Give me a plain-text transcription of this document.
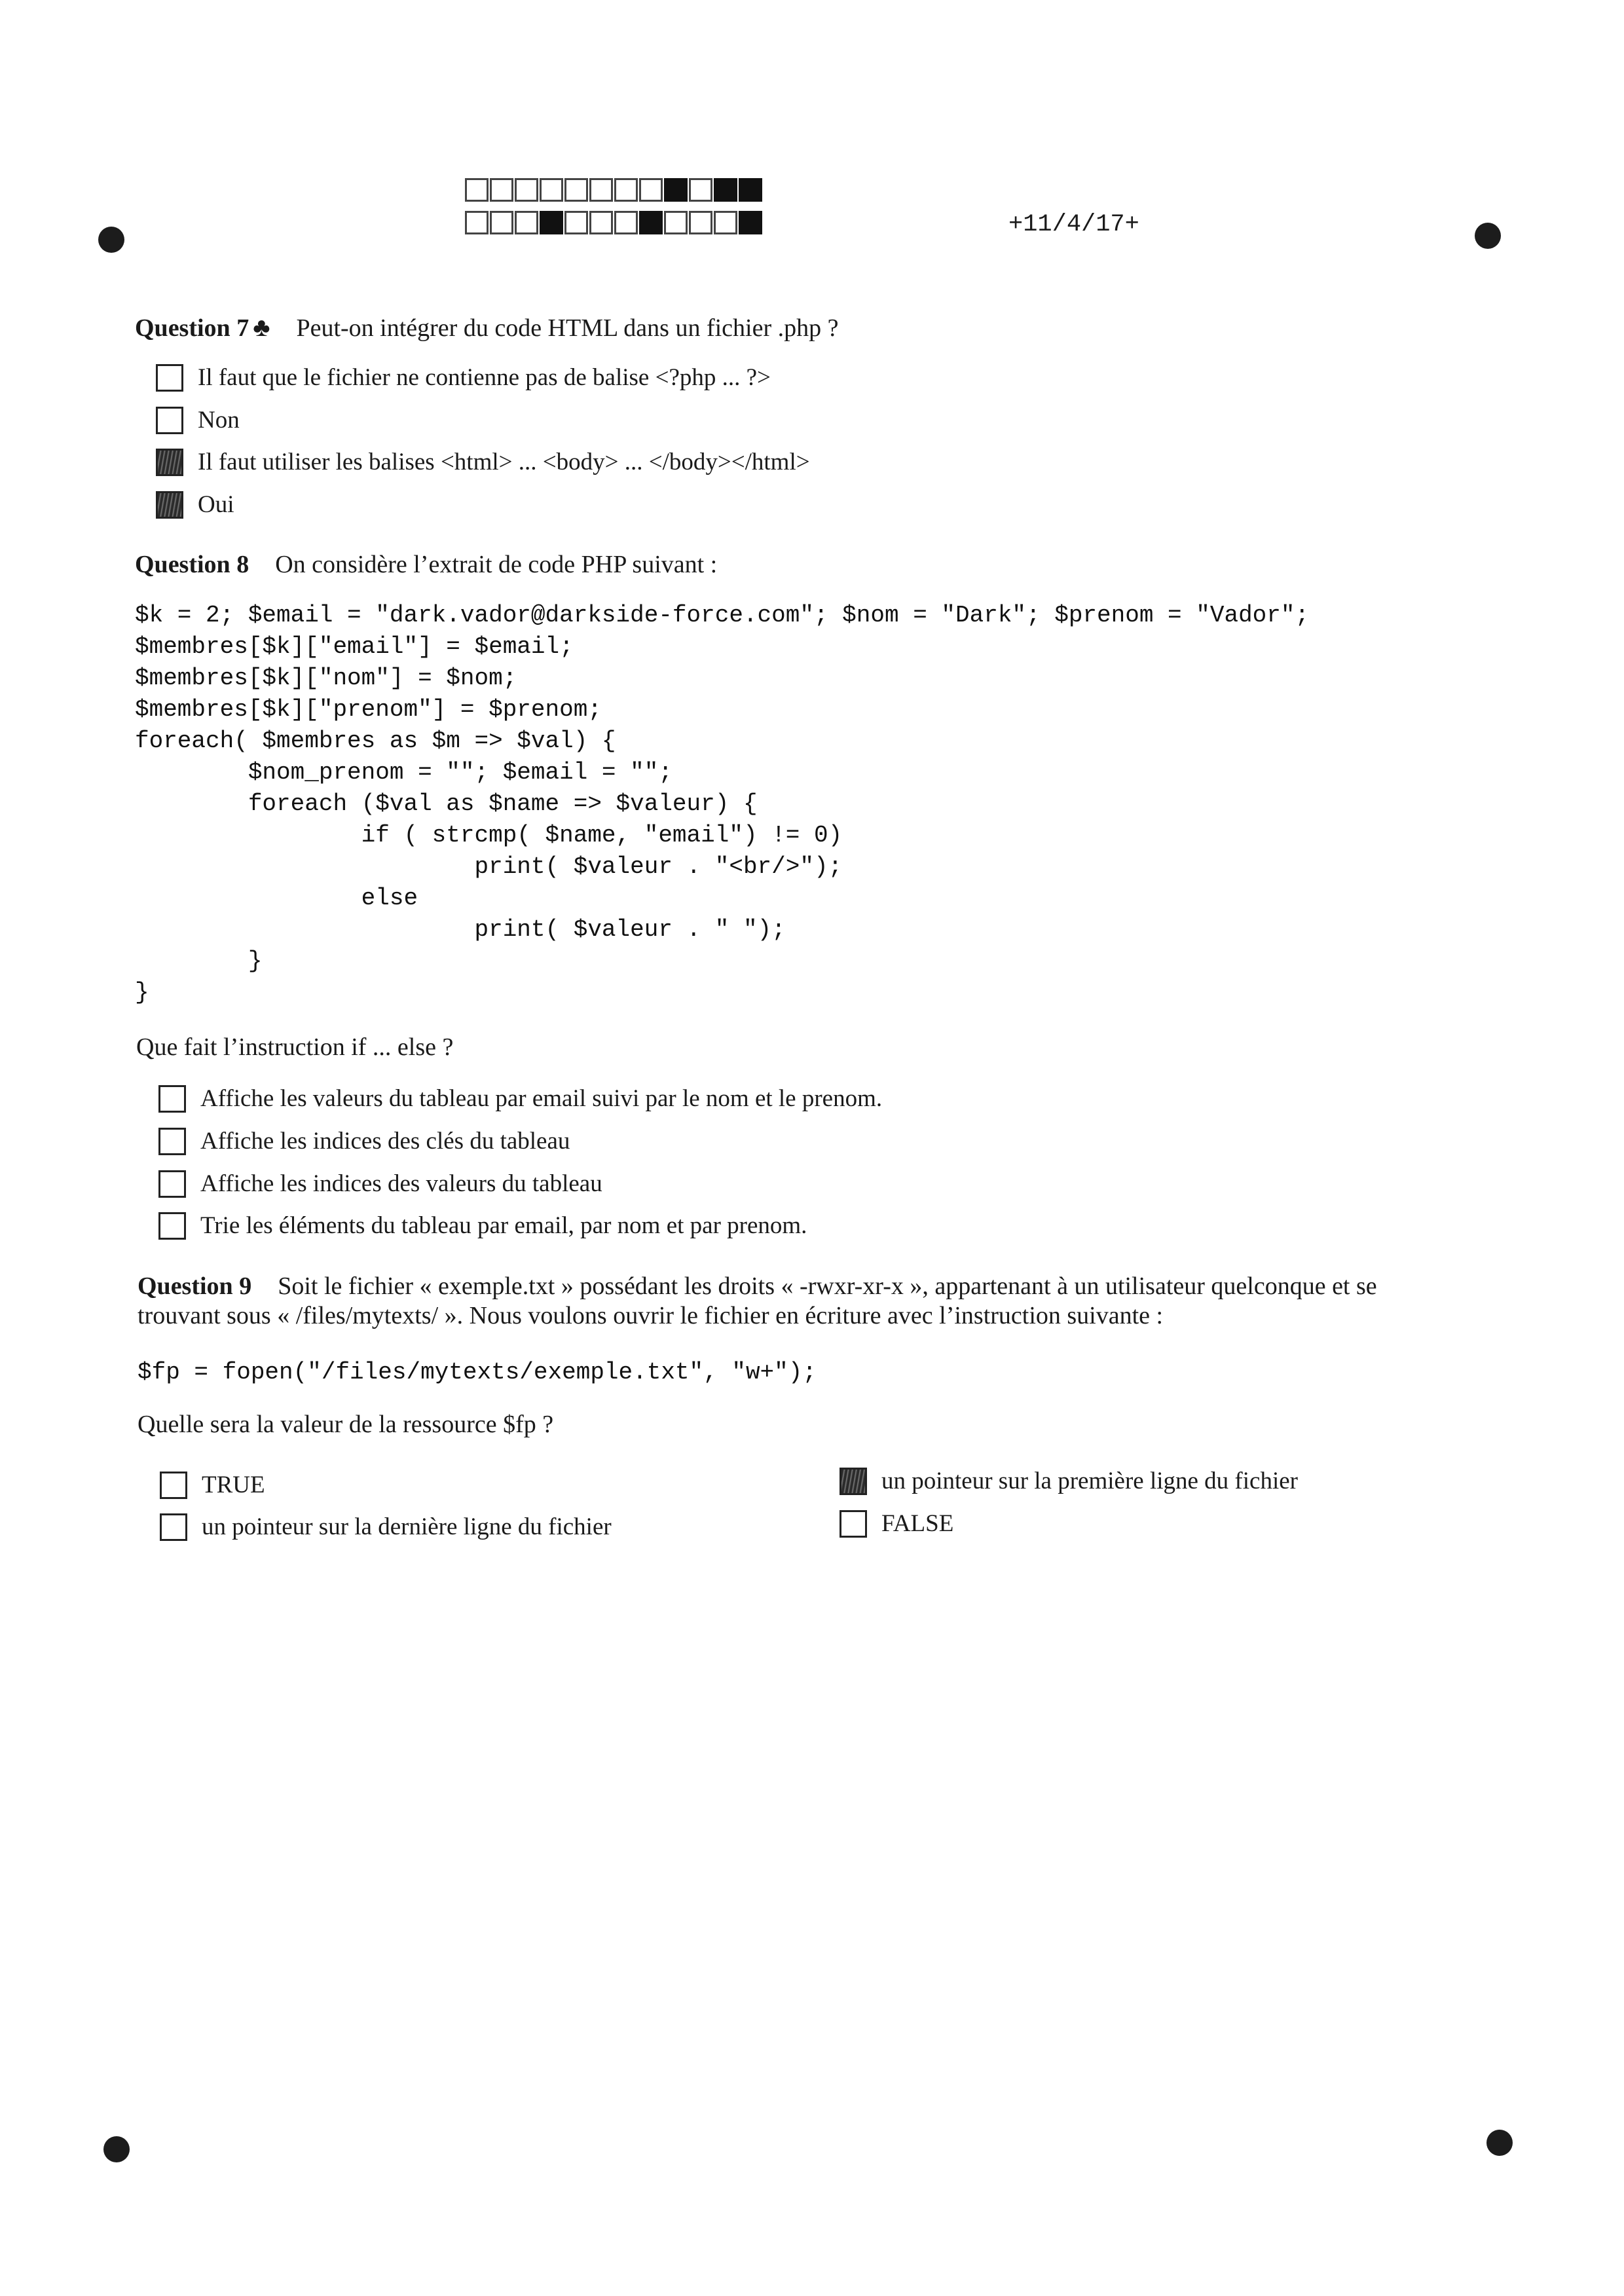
+11/4/17+
Question 7 ♣ Peut-on intégrer du code HTML dans un fichier .php ?
Il faut que le fichier ne contienne pas de balise <?php ... ?>
Non
Il faut utiliser les balises <html> ... <body> ... </body></html>
Oui
Question 8 On considère l’extrait de code PHP suivant :
$k = 2; $email = "dark.vador@darkside-force.com"; $nom = "Dark"; $prenom = "Vador";
$membres[$k]["email"] = $email;
$membres[$k]["nom"] = $nom;
$membres[$k]["prenom"] = $prenom;
foreach( $membres as $m => $val) {
$nom_prenom = ""; $email = "";
foreach ($val as $name => $valeur) {
if ( strcmp( $name, "email") != 0)
print( $valeur . "<br/>");
else
print( $valeur . " ");
}
}
Que fait l’instruction if ... else ?
Affiche les valeurs du tableau par email suivi par le nom et le prenom.
Affiche les indices des clés du tableau
Affiche les indices des valeurs du tableau
Trie les éléments du tableau par email, par nom et par prenom.
Question 9 Soit le fichier « exemple.txt » possédant les droits « -rwxr-xr-x », appartenant à un utilisateur quelconque et se
trouvant sous « /files/mytexts/ ». Nous voulons ouvrir le fichier en écriture avec l’instruction suivante :
$fp = fopen("/files/mytexts/exemple.txt", "w+");
Quelle sera la valeur de la ressource $fp ?
TRUE	un pointeur sur la première ligne du fichier
un pointeur sur la dernière ligne du fichier	FALSE
